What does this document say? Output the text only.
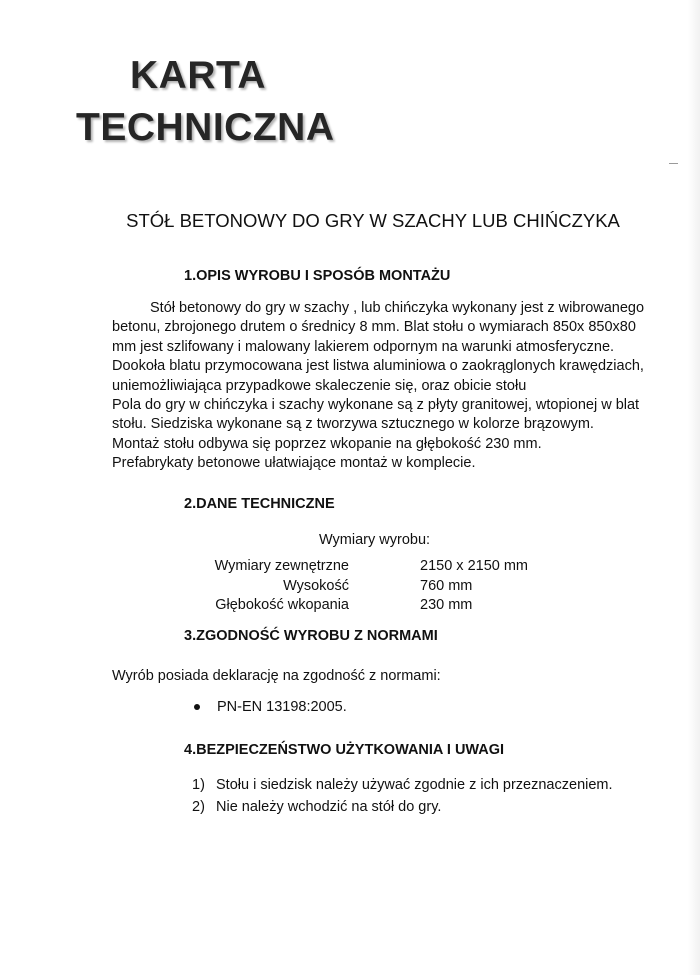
KARTA
TECHNICZNA
STÓŁ BETONOWY DO GRY W SZACHY LUB CHIŃCZYKA
1.OPIS WYROBU I SPOSÓB MONTAŻU
Stół betonowy do gry w szachy , lub chińczyka wykonany jest z wibrowanego
betonu, zbrojonego drutem o średnicy 8 mm. Blat stołu o wymiarach 850x 850x80
mm jest szlifowany i malowany lakierem odpornym na warunki atmosferyczne.
Dookoła blatu przymocowana jest listwa aluminiowa o zaokrąglonych krawędziach,
uniemożliwiająca przypadkowe skaleczenie się, oraz obicie stołu
Pola do gry w chińczyka i szachy wykonane są z płyty granitowej, wtopionej w blat
stołu. Siedziska wykonane są z tworzywa sztucznego w kolorze brązowym.
Montaż stołu odbywa się poprzez wkopanie na głębokość 230 mm.
Prefabrykaty betonowe ułatwiające montaż w komplecie.
2.DANE TECHNICZNE
Wymiary wyrobu:
Wymiary zewnętrzne	2150 x 2150 mm
Wysokość	760 mm
Głębokość wkopania	230 mm
3.ZGODNOŚĆ WYROBU Z NORMAMI
Wyrób posiada deklarację na zgodność z normami:
PN-EN 13198:2005.
4.BEZPIECZEŃSTWO UŻYTKOWANIA I UWAGI
1) Stołu i siedzisk należy używać zgodnie z ich przeznaczeniem.
2) Nie należy wchodzić na stół do gry.
